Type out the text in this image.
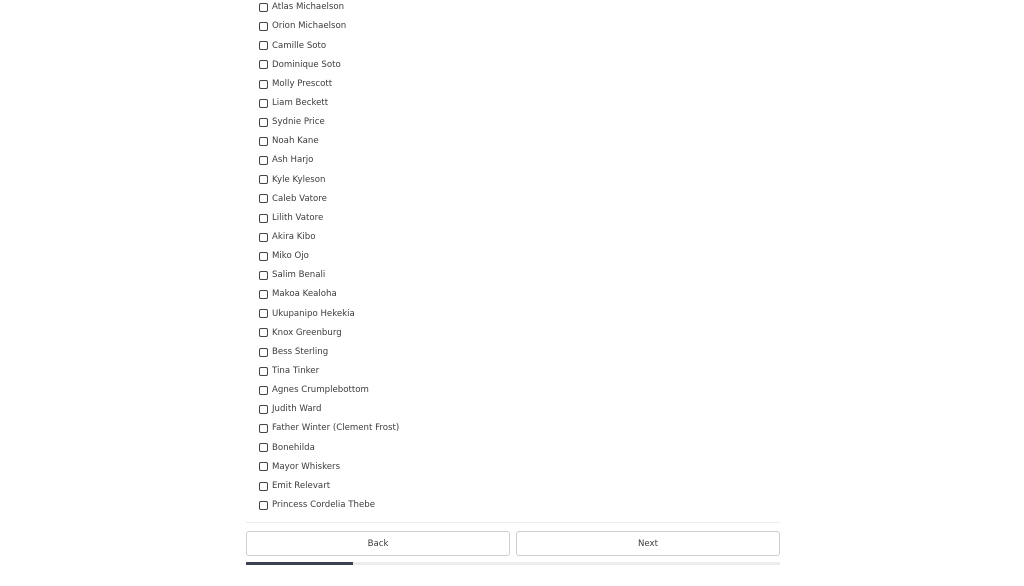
Atlas Michaelson
Orion Michaelson
Camille Soto
Dominique Soto
Molly Prescott
Liam Beckett
Sydnie Price
Noah Kane
Ash Harjo
Kyle Kyleson
Caleb Vatore
Lilith Vatore
Akira Kibo
Miko Ojo
Salim Benali
Makoa Kealoha
Ukupanipo Hekekia
Knox Greenburg
Bess Sterling
Tina Tinker
Agnes Crumplebottom
Judith Ward
Father Winter (Clement Frost)
Bonehilda
Mayor Whiskers
Emit Relevart
Princess Cordelia Thebe
Back	Next
